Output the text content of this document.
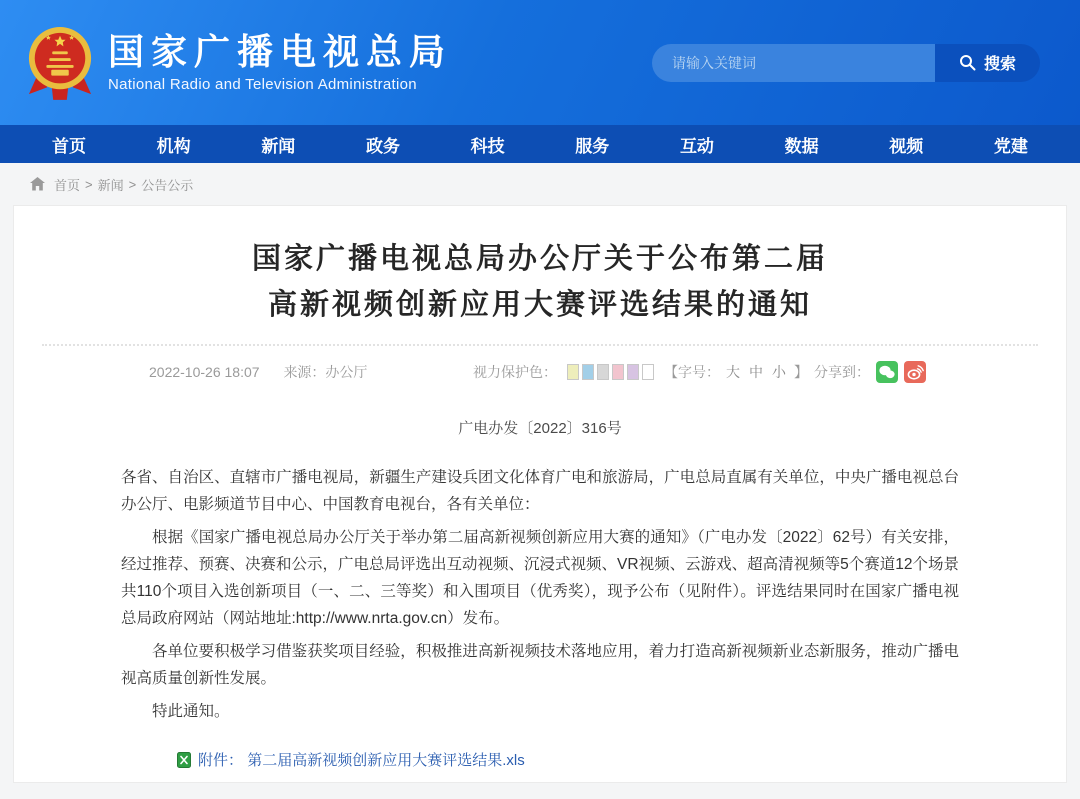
国家广播电视总局
National Radio and Television Administration
请输入关键词
搜索
首页	机构	新闻	政务	科技	服务	互动	数据	视频	党建
首页 > 新闻 > 公告公示
国家广播电视总局办公厅关于公布第二届
高新视频创新应用大赛评选结果的通知
2022-10-26 18:07 来源：办公厅	视力保护色：	【字号： 大 中 小 】 分享到：
广电办发〔2022〕316号

各省、自治区、直辖市广播电视局，新疆生产建设兵团文化体育广电和旅游局，广电总局直属有关单位，中央广播电视总台办公厅、电影频道节目中心、中国教育电视台，各有关单位：

根据《国家广播电视总局办公厅关于举办第二届高新视频创新应用大赛的通知》（广电办发〔2022〕62号）有关安排，经过推荐、预赛、决赛和公示，广电总局评选出互动视频、沉浸式视频、VR视频、云游戏、超高清视频等5个赛道12个场景共110个项目入选创新项目（一、二、三等奖）和入围项目（优秀奖），现予公布（见附件）。评选结果同时在国家广播电视总局政府网站（网站地址:http://www.nrta.gov.cn）发布。

各单位要积极学习借鉴获奖项目经验，积极推进高新视频技术落地应用，着力打造高新视频新业态新服务，推动广播电视高质量创新性发展。

特此通知。

附件： 第二届高新视频创新应用大赛评选结果.xls
